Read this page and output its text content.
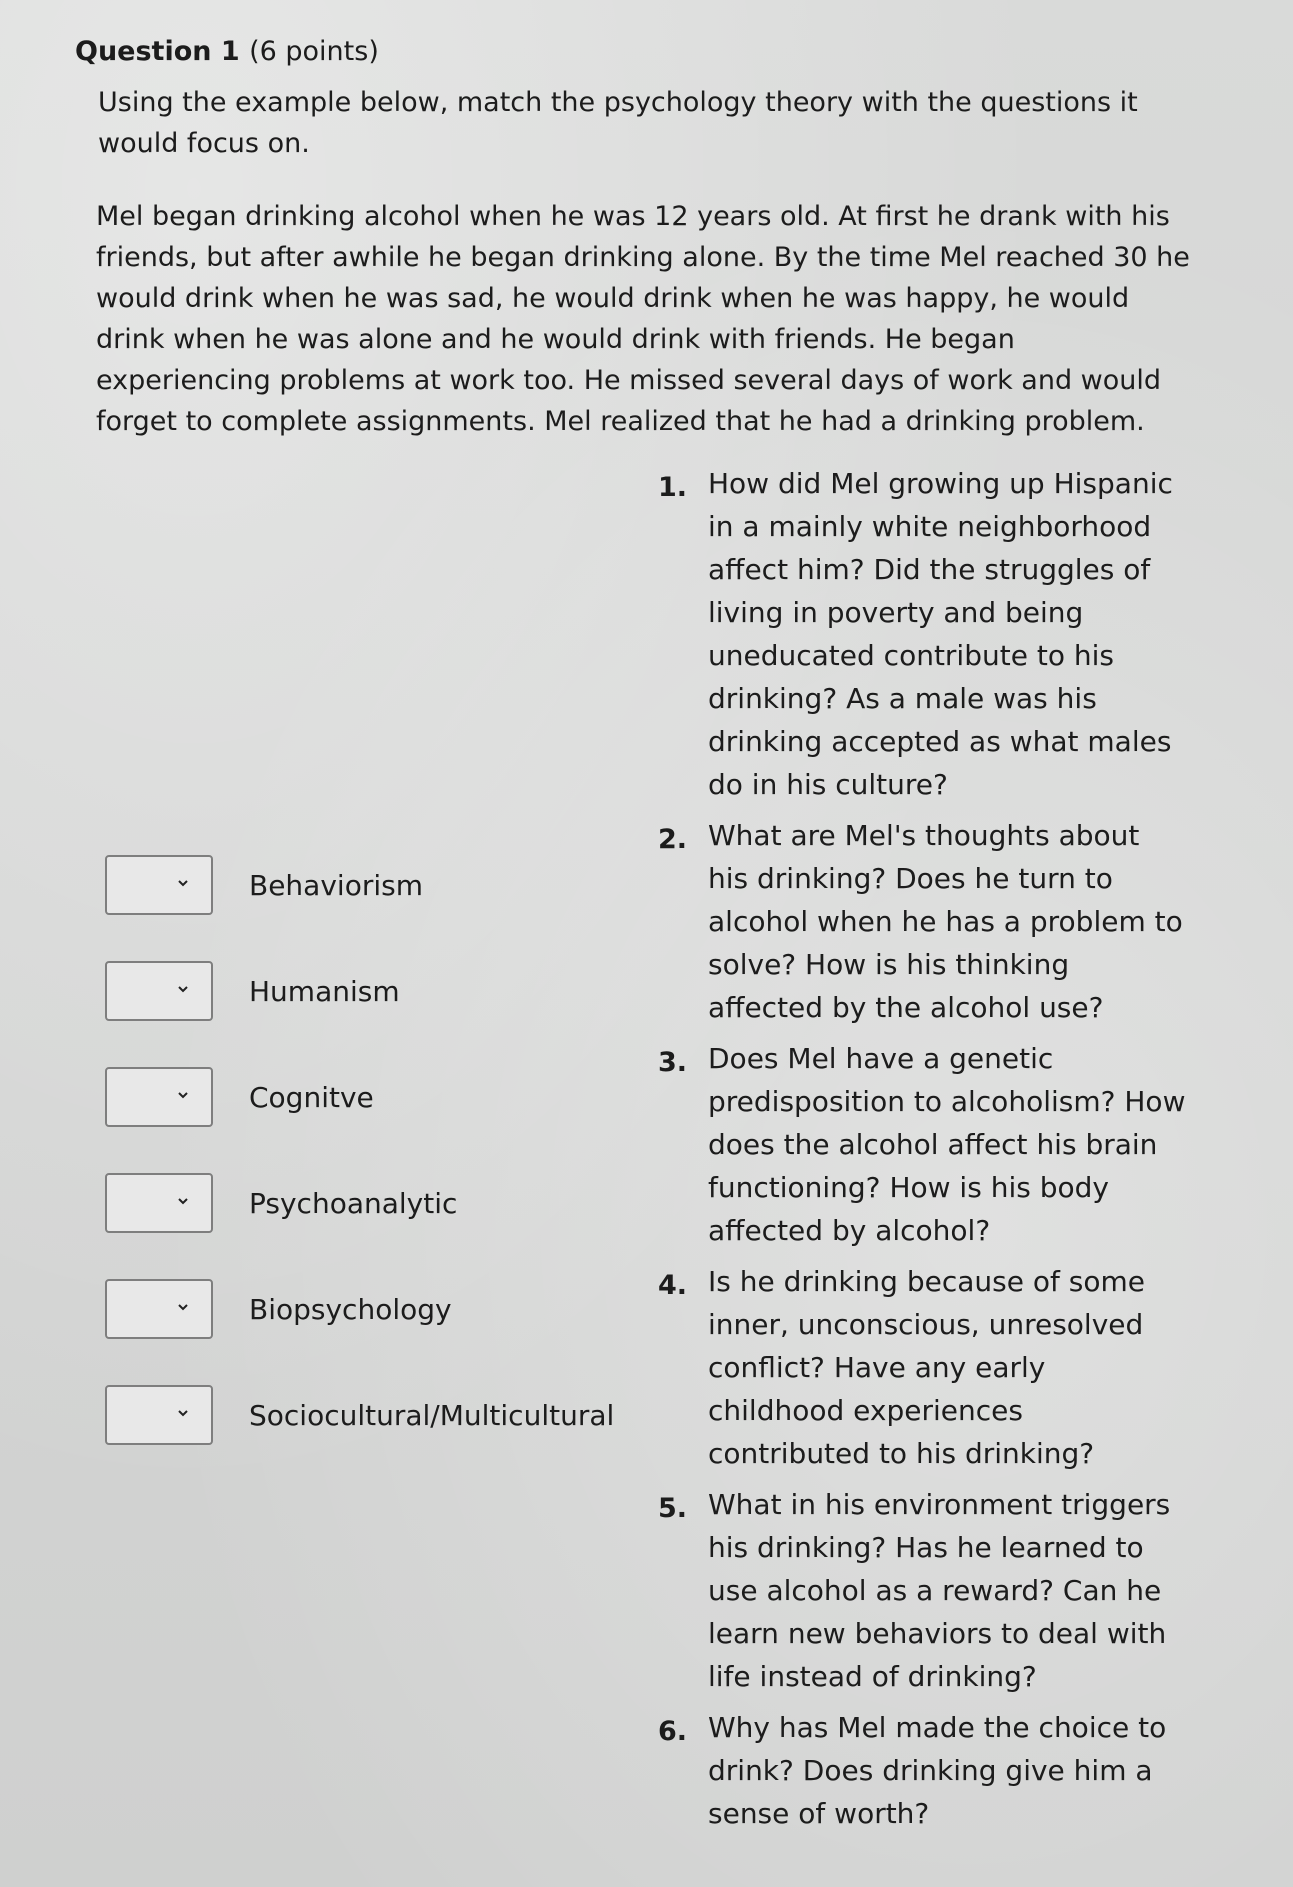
Question 1 (6 points)

Using the example below, match the psychology theory with the questions it would focus on.

Mel began drinking alcohol when he was 12 years old. At first he drank with his friends, but after awhile he began drinking alone. By the time Mel reached 30 he would drink when he was sad, he would drink when he was happy, he would drink when he was alone and he would drink with friends. He began experiencing problems at work too. He missed several days of work and would forget to complete assignments. Mel realized that he had a drinking problem.

Behaviorism
Humanism
Cognitve
Psychoanalytic
Biopsychology
Sociocultural/Multicultural
1. How did Mel growing up Hispanic in a mainly white neighborhood affect him? Did the struggles of living in poverty and being uneducated contribute to his drinking? As a male was his drinking accepted as what males do in his culture?
2. What are Mel's thoughts about his drinking? Does he turn to alcohol when he has a problem to solve? How is his thinking affected by the alcohol use?
3. Does Mel have a genetic predisposition to alcoholism? How does the alcohol affect his brain functioning? How is his body affected by alcohol?
4. Is he drinking because of some inner, unconscious, unresolved conflict? Have any early childhood experiences contributed to his drinking?
5. What in his environment triggers his drinking? Has he learned to use alcohol as a reward? Can he learn new behaviors to deal with life instead of drinking?
6. Why has Mel made the choice to drink? Does drinking give him a sense of worth?
